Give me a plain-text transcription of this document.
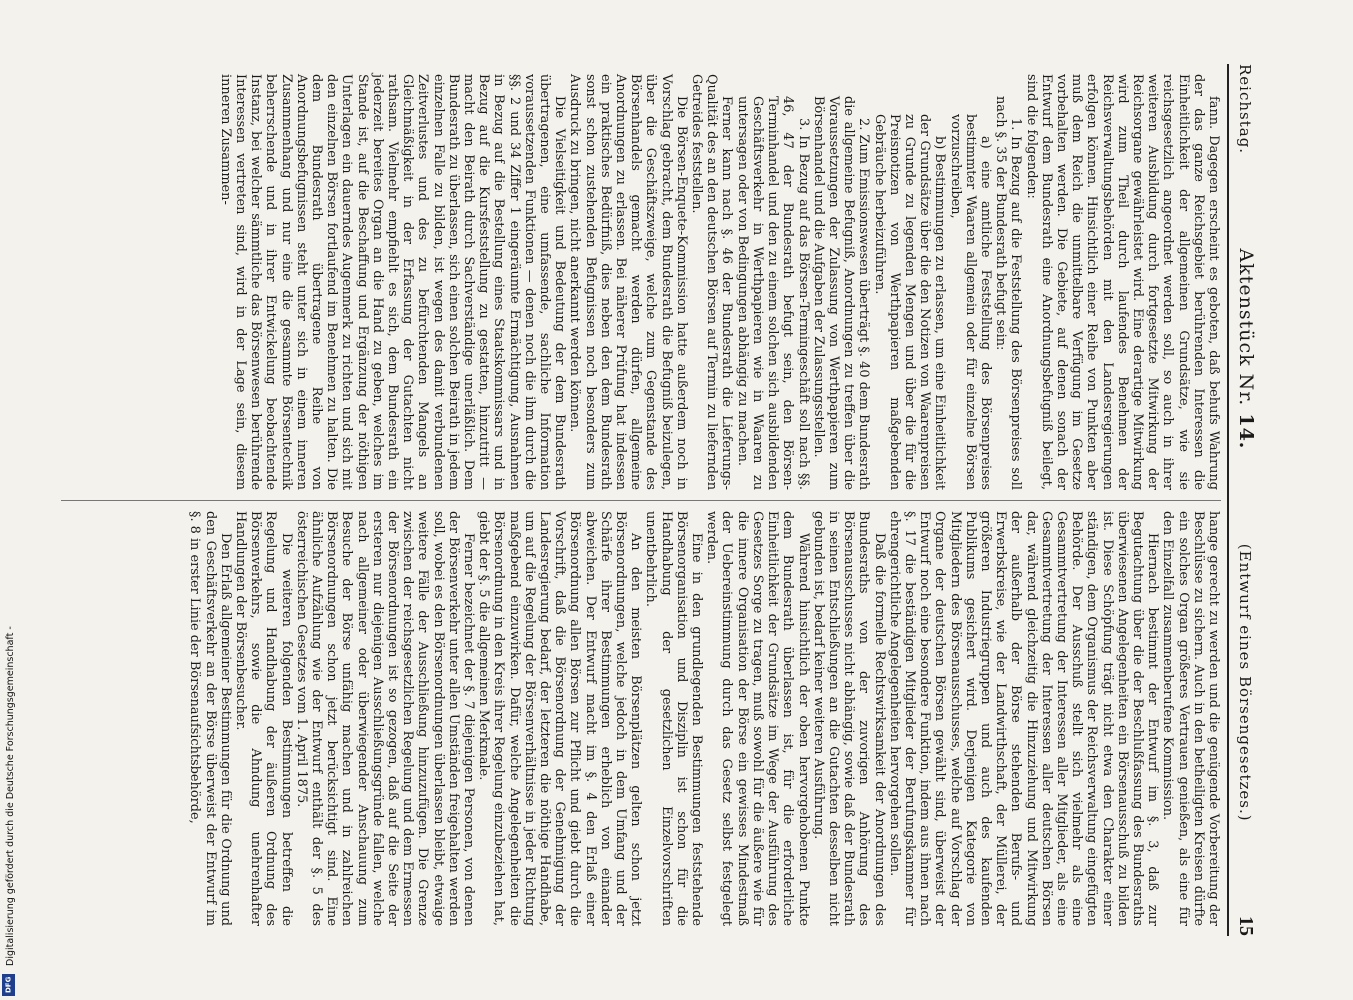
Reichstag.
Aktenstück Nr. 14.
(Entwurf eines Börsengesetzes.)
15

fann. Dagegen erscheint es geboten, daß behufs Wahrung der das ganze Reichsgebiet berührenden Interessen die Einheitlichkeit der allgemeinen Grundsätze, wie sie reichsgesetzlich angeordnet werden soll, so auch in ihrer weiteren Ausbildung durch fortgesetzte Mitwirkung der Reichsorgane gewährleistet wird. Eine derartige Mitwirkung wird zum Theil durch laufendes Benehmen der Reichsverwaltungsbehörden mit den Landesregierungen erfolgen können. Hinsichtlich einer Reihe von Punkten aber muß dem Reich die unmittelbare Verfügung im Gesetze vorbehalten werden. Die Gebiete, auf denen sonach der Entwurf dem Bundesrath eine Anordnungsbefugniß beilegt, sind die folgenden:

1. In Bezug auf die Feststellung des Börsenpreises soll nach §. 35 der Bundesrath befugt sein:

a) eine amtliche Feststellung des Börsenpreises bestimmter Waaren allgemein oder für einzelne Börsen vorzuschreiben,

b) Bestimmungen zu erlassen, um eine Einheitlichkeit der Grundsätze über die den Notizen von Waarenpreisen zu Grunde zu legenden Mengen und über die für die Preisnotizen von Werthpapieren maßgebenden Gebräuche herbeizuführen.

2. Zum Emissionswesen überträgt §. 40 dem Bundesrath die allgemeine Befugniß, Anordnungen zu treffen über die Voraussetzungen der Zulassung von Werthpapieren zum Börsenhandel und die Aufgaben der Zulassungsstellen.

3. In Bezug auf das Börsen-Termingeschäft soll nach §§. 46, 47 der Bundesrath befugt sein, den Börsen-Terminhandel und den zu einem solchen sich ausbildenden Geschäftsverkehr in Werthpapieren wie in Waaren zu untersagen oder von Bedingungen abhängig zu machen.

Ferner kann nach §. 46 der Bundesrath die Lieferungs-Qualität des an den deutschen Börsen auf Termin zu liefernden Getreides feststellen.

Die Börsen-Enquete-Kommission hatte außerdem noch in Vorschlag gebracht, dem Bundesrath die Befugniß beizulegen, über die Geschäftszweige, welche zum Gegenstande des Börsenhandels gemacht werden dürfen, allgemeine Anordnungen zu erlassen. Bei näherer Prüfung hat indessen ein praktisches Bedürfniß, dies neben den dem Bundesrath sonst schon zustehenden Befugnissen noch besonders zum Ausdruck zu bringen, nicht anerkannt werden können.

Die Vielseitigkeit und Bedeutung der dem Bundesrath übertragenen, eine umfassende, sachliche Information voraussetzenden Funktionen — denen noch die ihm durch die §§. 2 und 34 Ziffer 1 eingeräumte Ermächtigung, Ausnahmen in Bezug auf die Bestellung eines Staatskommissars und in Bezug auf die Kursfeststellung zu gestatten, hinzutritt — macht den Beirath durch Sachverständige unerläßlich. Dem Bundesrath zu überlassen, sich einen solchen Beirath in jedem einzelnen Falle zu bilden, ist wegen des damit verbundenen Zeitverlustes und des zu befürchtenden Mangels an Gleichmäßigkeit in der Erfassung der Gutachten nicht rathsam. Vielmehr empfiehlt es sich, dem Bundesrath ein jederzeit bereites Organ an die Hand zu geben, welches im Stande ist, auf die Beschaffung und Ergänzung der nöthigen Unterlagen ein dauerndes Augenmerk zu richten und sich mit den einzelnen Börsen fortlaufend im Benehmen zu halten. Die dem Bundesrath übertragene Reihe von Anordnungsbefugnissen steht unter sich in einem inneren Zusammenhang und nur eine die gesammte Börsentechnik beherrschende und in ihrer Entwickelung beobachtende Instanz, bei welcher sämmtliche das Börsenwesen berührende Interessen vertreten sind, wird in der Lage sein, diesem inneren Zusammen-

hange gerecht zu werden und die genügende Vorbereitung der Beschlüsse zu sichern. Auch in den betheiligten Kreisen dürfte ein solches Organ größeres Vertrauen genießen, als eine für den Einzelfall zusammenberufene Kommission.

Hiernach bestimmt der Entwurf im §. 3, daß zur Begutachtung über die der Beschlußfassung des Bundesraths überwiesenen Angelegenheiten ein Börsenausschuß zu bilden ist. Diese Schöpfung trägt nicht etwa den Charakter einer ständigen, dem Organismus der Reichsverwaltung eingefügten Behörde. Der Ausschuß stellt sich vielmehr als eine Gesammtvertretung der Interessen aller Mitglieder, als eine Gesammtvertretung der Interessen aller deutschen Börsen dar, während gleichzeitig die Hinzuziehung und Mitwirkung der außerhalb der Börse stehenden Berufs- und Erwerbskreise, wie der Landwirthschaft, der Müllerei, der größeren Industriegruppen und auch des kaufenden Publikums gesichert wird. Derjenigen Kategorie von Mitgliedern des Börsenausschusses, welche auf Vorschlag der Organe der deutschen Börsen gewählt sind, überweist der Entwurf noch eine besondere Funktion, indem aus ihnen nach §. 17 die beständigen Mitglieder der Berufungskammer für ehrengerichtliche Angelegenheiten hervorgehen sollen.

Daß die formelle Rechtswirksamkeit der Anordnungen des Bundesraths von der zuvorigen Anhörung des Börsenausschusses nicht abhängig, sowie daß der Bundesrath in seinen Entschließungen an die Gutachten desselben nicht gebunden ist, bedarf keiner weiteren Ausführung.

Während hinsichtlich der oben hervorgehobenen Punkte dem Bundesrath überlassen ist, für die erforderliche Einheitlichkeit der Grundsätze im Wege der Ausführung des Gesetzes Sorge zu tragen, muß sowohl für die äußere wie für die innere Organisation der Börse ein gewisses Mindestmaß der Uebereinstimmung durch das Gesetz selbst festgelegt werden.

Eine in den grundlegenden Bestimmungen feststehende Börsenorganisation und Disziplin ist schon für die Handhabung der gesetzlichen Einzelvorschriften unentbehrlich.

An den meisten Börsenplätzen gelten schon jetzt Börsenordnungen, welche jedoch in dem Umfang und der Schärfe ihrer Bestimmungen erheblich von einander abweichen. Der Entwurf macht im §. 4 den Erlaß einer Börsenordnung allen Börsen zur Pflicht und giebt durch die Vorschrift, daß die Börsenordnung der Genehmigung der Landesregierung bedarf, der letzteren die nöthige Handhabe, um auf die Regelung der Börsenverhältnisse in jeder Richtung maßgebend einzuwirken. Dafür, welche Angelegenheiten die Börsenordnung in den Kreis ihrer Regelung einzubeziehen hat, giebt der §. 5 die allgemeinen Merkmale.

Ferner bezeichnet der §. 7 diejenigen Personen, von denen der Börsenverkehr unter allen Umständen freigehalten werden soll, wobei es den Börsenordnungen überlassen bleibt, etwaige weitere Fälle der Ausschließung hinzuzufügen. Die Grenze zwischen der reichsgesetzlichen Regelung und dem Ermessen der Börsenordnungen ist so gezogen, daß auf die Seite der ersteren nur diejenigen Ausschließungsgründe fallen, welche nach allgemeiner oder überwiegender Anschauung zum Besuche der Börse unfähig machen und in zahlreichen Börsenordnungen schon jetzt berücksichtigt sind. Eine ähnliche Aufzählung wie der Entwurf enthält der §. 5 des österreichischen Gesetzes vom 1. April 1875.

Die weiteren folgenden Bestimmungen betreffen die Regelung und Handhabung der äußeren Ordnung des Börsenverkehrs, sowie die Ahndung unehrenhafter Handlungen der Börsenbesucher.

Den Erlaß allgemeiner Bestimmungen für die Ordnung und den Geschäftsverkehr an der Börse überweist der Entwurf im §. 8 in erster Linie der Börsenaufsichtsbehörde,

Digitalisierung gefördert durch die Deutsche Forschungsgemeinschaft -
DFG
